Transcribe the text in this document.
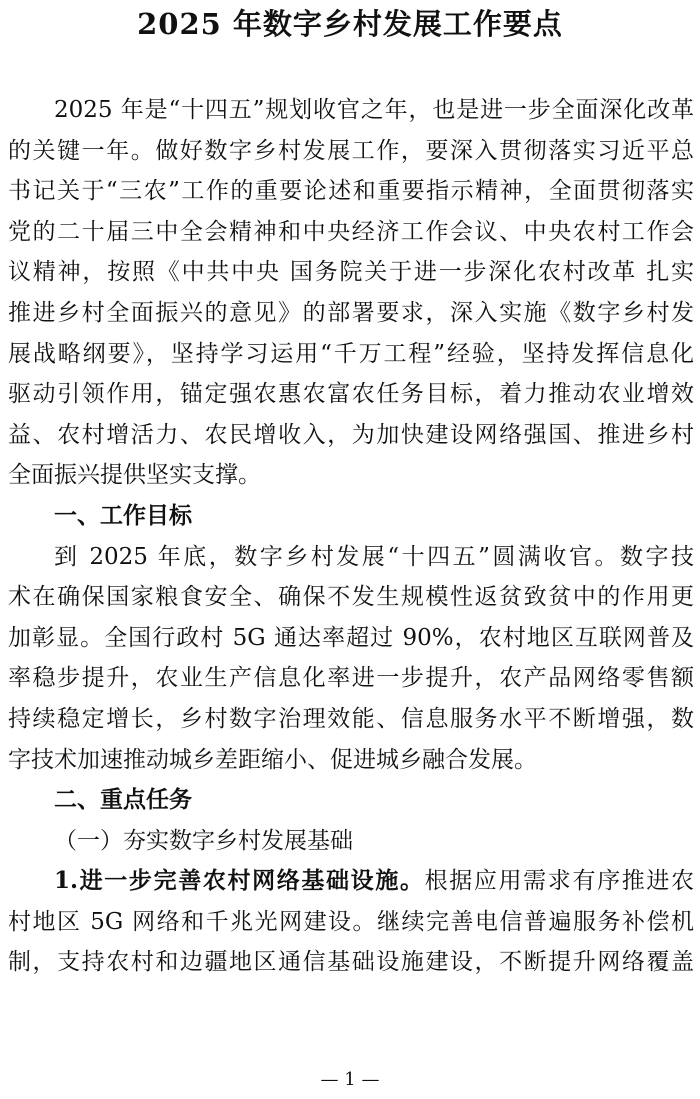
2025 年数字乡村发展工作要点
2025 年是“十四五”规划收官之年，也是进一步全面深化改革
的关键一年。做好数字乡村发展工作，要深入贯彻落实习近平总
书记关于“三农”工作的重要论述和重要指示精神，全面贯彻落实
党的二十届三中全会精神和中央经济工作会议、中央农村工作会
议精神，按照《中共中央 国务院关于进一步深化农村改革 扎实
推进乡村全面振兴的意见》的部署要求，深入实施《数字乡村发
展战略纲要》，坚持学习运用“千万工程”经验，坚持发挥信息化
驱动引领作用，锚定强农惠农富农任务目标，着力推动农业增效
益、农村增活力、农民增收入，为加快建设网络强国、推进乡村
全面振兴提供坚实支撑。
一、工作目标
到 2025 年底，数字乡村发展“十四五”圆满收官。数字技
术在确保国家粮食安全、确保不发生规模性返贫致贫中的作用更
加彰显。全国行政村 5G 通达率超过 90%，农村地区互联网普及
率稳步提升，农业生产信息化率进一步提升，农产品网络零售额
持续稳定增长，乡村数字治理效能、信息服务水平不断增强，数
字技术加速推动城乡差距缩小、促进城乡融合发展。
二、重点任务
（一）夯实数字乡村发展基础
1.进一步完善农村网络基础设施。根据应用需求有序推进农
村地区 5G 网络和千兆光网建设。继续完善电信普遍服务补偿机
制，支持农村和边疆地区通信基础设施建设，不断提升网络覆盖
— 1 —
